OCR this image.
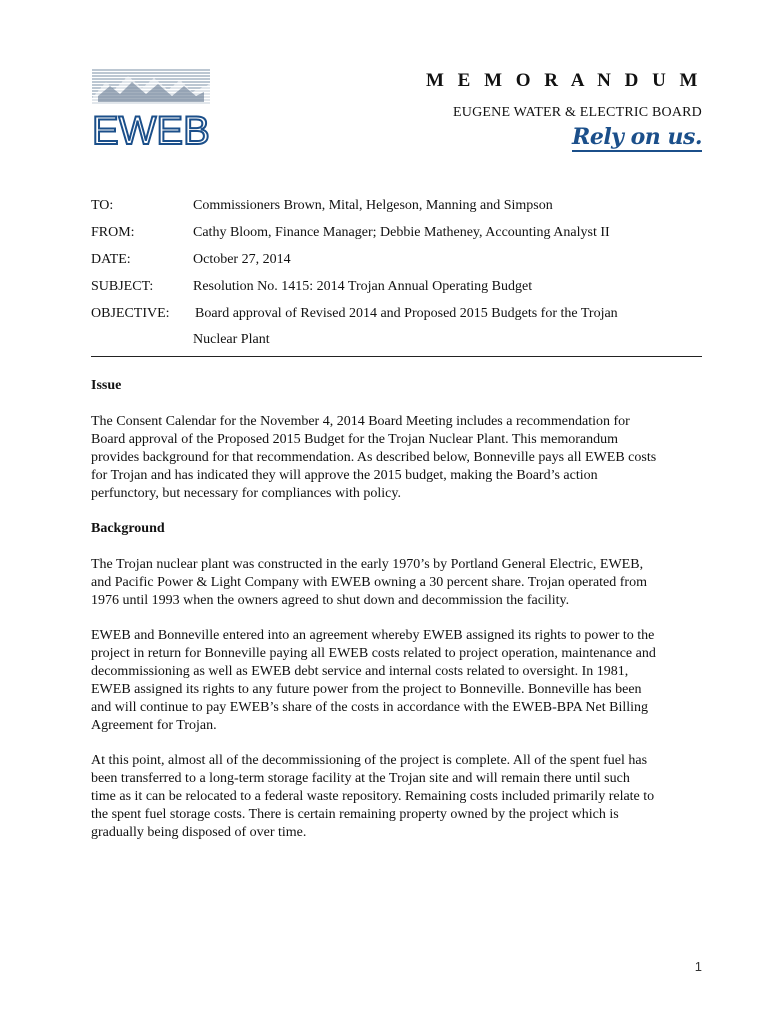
EWEB
M E M O R A N D U M
EUGENE WATER & ELECTRIC BOARD
Rely on us.
TO:	Commissioners Brown, Mital, Helgeson, Manning and Simpson
FROM:	Cathy Bloom, Finance Manager; Debbie Matheney, Accounting Analyst II
DATE:	October 27, 2014
SUBJECT:	Resolution No. 1415: 2014 Trojan Annual Operating Budget
OBJECTIVE:	Board approval of Revised 2014 and Proposed 2015 Budgets for the Trojan
Nuclear Plant
Issue
The Consent Calendar for the November 4, 2014 Board Meeting includes a recommendation for
Board approval of the Proposed 2015 Budget for the Trojan Nuclear Plant. This memorandum
provides background for that recommendation. As described below, Bonneville pays all EWEB costs
for Trojan and has indicated they will approve the 2015 budget, making the Board’s action
perfunctory, but necessary for compliances with policy.
Background
The Trojan nuclear plant was constructed in the early 1970’s by Portland General Electric, EWEB,
and Pacific Power & Light Company with EWEB owning a 30 percent share. Trojan operated from
1976 until 1993 when the owners agreed to shut down and decommission the facility.
EWEB and Bonneville entered into an agreement whereby EWEB assigned its rights to power to the
project in return for Bonneville paying all EWEB costs related to project operation, maintenance and
decommissioning as well as EWEB debt service and internal costs related to oversight. In 1981,
EWEB assigned its rights to any future power from the project to Bonneville. Bonneville has been
and will continue to pay EWEB’s share of the costs in accordance with the EWEB-BPA Net Billing
Agreement for Trojan.
At this point, almost all of the decommissioning of the project is complete. All of the spent fuel has
been transferred to a long-term storage facility at the Trojan site and will remain there until such
time as it can be relocated to a federal waste repository. Remaining costs included primarily relate to
the spent fuel storage costs. There is certain remaining property owned by the project which is
gradually being disposed of over time.
1
